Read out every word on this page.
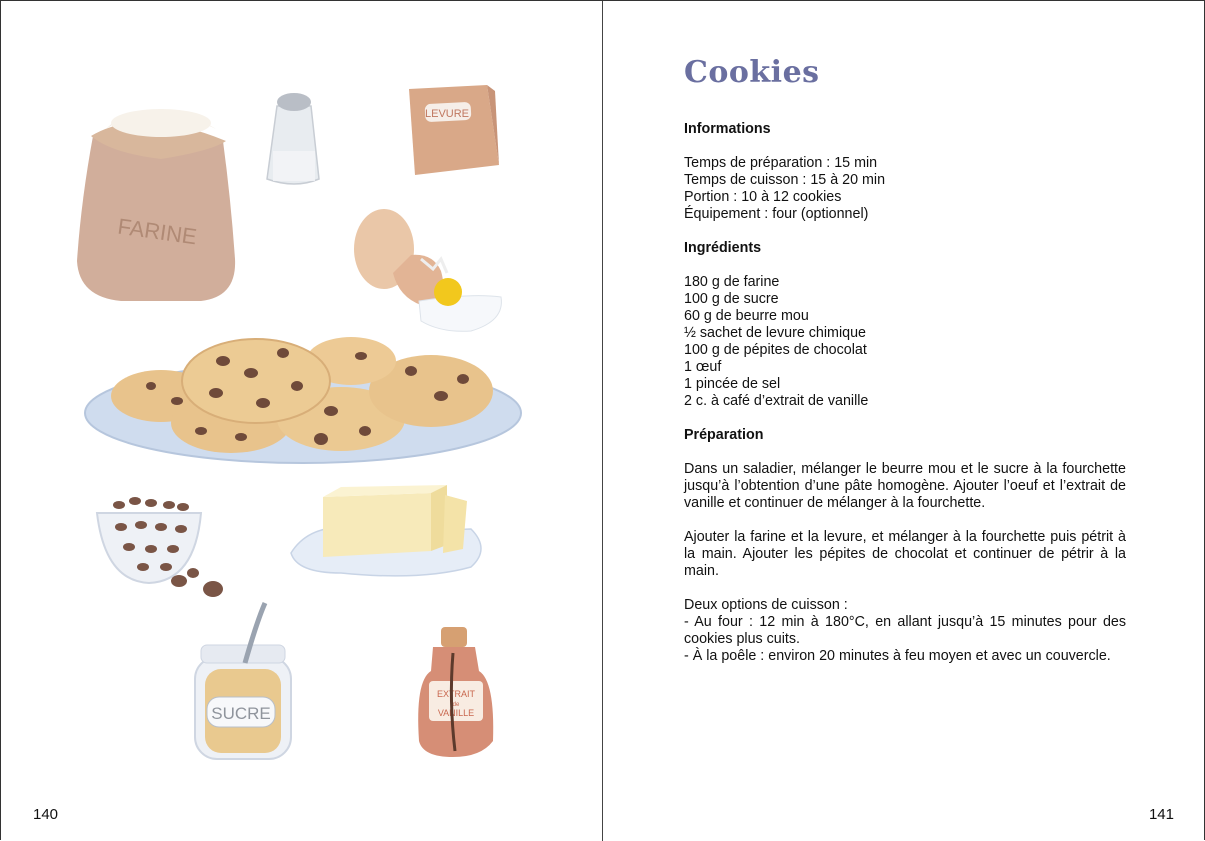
FARINE
LEVURE
SUCRE
EXTRAIT
de
VANILLE
140
Cookies

Informations

Temps de préparation : 15 min
Temps de cuisson : 15 à 20 min
Portion : 10 à 12 cookies
Équipement : four (optionnel)

Ingrédients

180 g de farine
100 g de sucre
60 g de beurre mou
½ sachet de levure chimique
100 g de pépites de chocolat
1 œuf
1 pincée de sel
2 c. à café d’extrait de vanille

Préparation

Dans un saladier, mélanger le beurre mou et le sucre à la fourchette jusqu’à l’obtention d’une pâte homogène. Ajouter l’oeuf et l’extrait de vanille et continuer de mélanger à la fourchette.

Ajouter la farine et la levure, et mélanger à la fourchette puis pétrit à la main. Ajouter les pépites de chocolat et continuer de pétrir à la main.

Deux options de cuisson :

- Au four : 12 min à 180°C, en allant jusqu’à 15 minutes pour des cookies plus cuits.

- À la poêle : environ 20 minutes à feu moyen et avec un couvercle.

141
